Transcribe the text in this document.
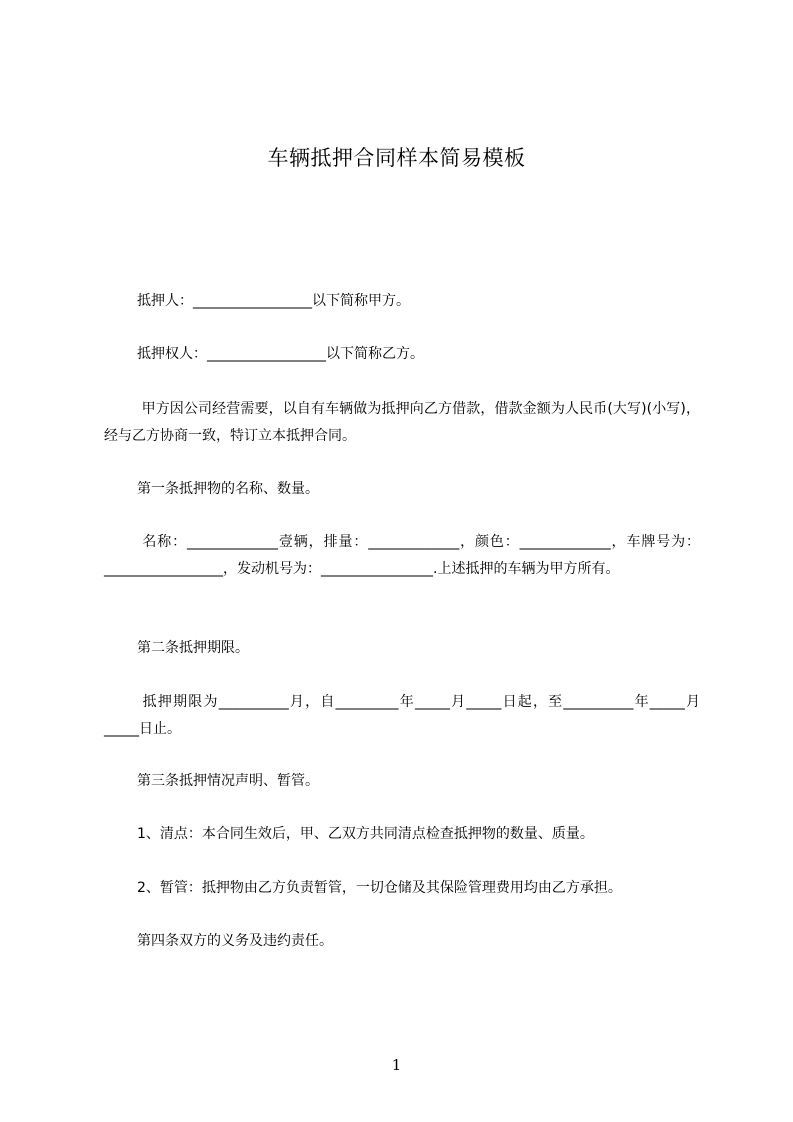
车辆抵押合同样本简易模板
抵押人：_________________以下简称甲方。
抵押权人：_________________以下简称乙方。
甲方因公司经营需要，以自有车辆做为抵押向乙方借款，借款金额为人民币(大写)(小写)，经与乙方协商一致，特订立本抵押合同。
第一条抵押物的名称、数量。
名称：_____________壹辆，排量：_____________，颜色：_____________，车牌号为：_________________，发动机号为：________________.上述抵押的车辆为甲方所有。
第二条抵押期限。
抵押期限为__________月，自_________年_____月_____日起，至__________年_____月_____日止。
第三条抵押情况声明、暂管。
1、清点：本合同生效后，甲、乙双方共同清点检查抵押物的数量、质量。
2、暂管：抵押物由乙方负责暂管，一切仓储及其保险管理费用均由乙方承担。
第四条双方的义务及违约责任。
1
